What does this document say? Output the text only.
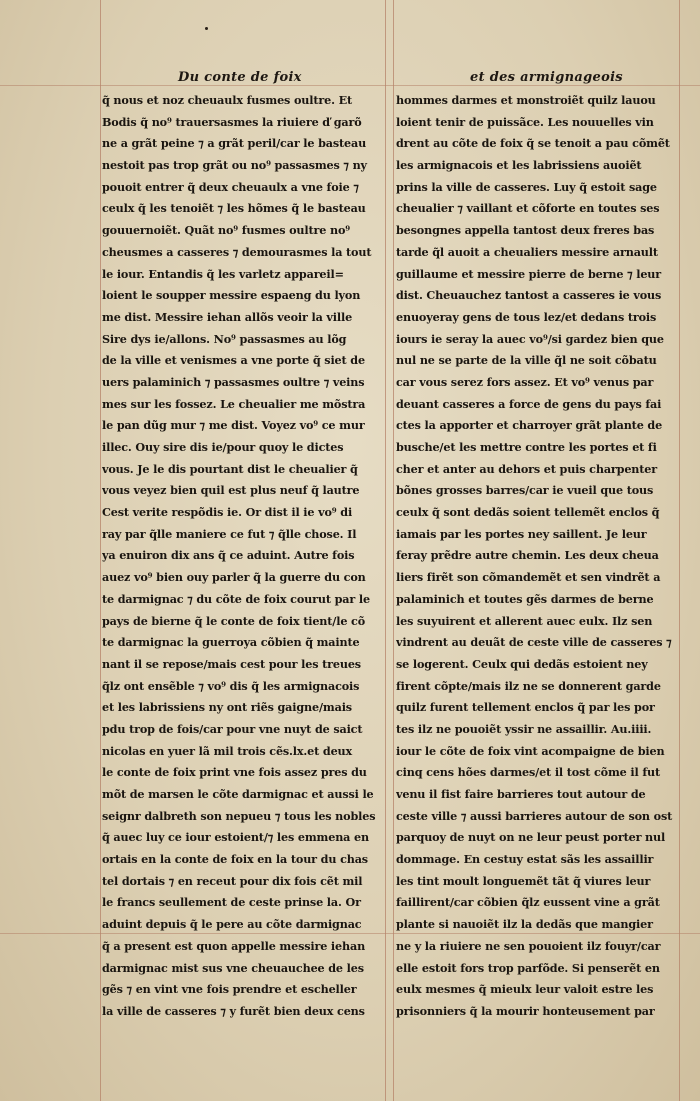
Du conte de foix	et des armignageois
q̃ nous et noz cheuaulx fusmes oultre. Et
Bodis q̃ no⁹ trauersasmes la riuiere ď garõ
ne a grãt peine ⁊ a grãt peril/car le basteau
nestoit pas trop grãt ou no⁹ passasmes ⁊ ny
pouoit entrer q̃ deux cheuaulx a vne foie ⁊
ceulx q̃ les tenoiẽt ⁊ les hõmes q̃ le basteau
gouuernoiẽt. Quãt no⁹ fusmes oultre no⁹
cheusmes a casseres ⁊ demourasmes la tout
le iour. Entandis q̃ les varletz appareil=
loient le soupper messire espaeng du lyon
me dist. Messire iehan allõs veoir la ville
Sire dys ie/allons. No⁹ passasmes au lõg
de la ville et venismes a vne porte q̃ siet de
uers palaminich ⁊ passasmes oultre ⁊ veins
mes sur les fossez. Le cheualier me mõstra
le pan dũg mur ⁊ me dist. Voyez vo⁹ ce mur
illec. Ouy sire dis ie/pour quoy le dictes
vous. Je le dis pourtant dist le cheualier q̃
vous veyez bien quil est plus neuf q̃ lautre
Cest verite respõdis ie. Or dist il ie vo⁹ di
ray par q̃lle maniere ce fut ⁊ q̃lle chose. Il
ya enuiron dix ans q̃ ce aduint. Autre fois
auez vo⁹ bien ouy parler q̃ la guerre du con
te darmignac ⁊ du cõte de foix courut par le
pays de bierne q̃ le conte de foix tient/le cõ
te darmignac la guerroya cõbien q̃ mainte
nant il se repose/mais cest pour les treues
q̃lz ont ensẽble ⁊ vo⁹ dis q̃ les armignacois
et les labrissiens ny ont riẽs gaigne/mais
pdu trop de fois/car pour vne nuyt de saict
nicolas en yuer lã mil trois cẽs.lx.et deux
le conte de foix print vne fois assez pres du
mõt de marsen le cõte darmignac et aussi le
seignr dalbreth son nepueu ⁊ tous les nobles
q̃ auec luy ce iour estoient/⁊ les emmena en
ortais en la conte de foix en la tour du chas
tel dortais ⁊ en receut pour dix fois cẽt mil
le francs seullement de ceste prinse la. Or
aduint depuis q̃ le pere au cõte darmignac
q̃ a present est quon appelle messire iehan
darmignac mist sus vne cheuauchee de les
gẽs ⁊ en vint vne fois prendre et escheller
la ville de casseres ⁊ y furẽt bien deux cens
hommes darmes et monstroiẽt quilz lauou
loient tenir de puissãce. Les nouuelles vin
drent au cõte de foix q̃ se tenoit a pau cõmẽt
les armignacois et les labrissiens auoiẽt
prins la ville de casseres. Luy q̃ estoit sage
cheualier ⁊ vaillant et cõforte en toutes ses
besongnes appella tantost deux freres bas
tarde q̃l auoit a cheualiers messire arnault
guillaume et messire pierre de berne ⁊ leur
dist. Cheuauchez tantost a casseres ie vous
enuoyeray gens de tous lez/et dedans trois
iours ie seray la auec vo⁹/si gardez bien que
nul ne se parte de la ville q̃l ne soit cõbatu
car vous serez fors assez. Et vo⁹ venus par
deuant casseres a force de gens du pays fai
ctes la apporter et charroyer grãt plante de
busche/et les mettre contre les portes et fi
cher et anter au dehors et puis charpenter
bõnes grosses barres/car ie vueil que tous
ceulx q̃ sont dedãs soient tellemẽt enclos q̃
iamais par les portes ney saillent. Je leur
feray prẽdre autre chemin. Les deux cheua
liers firẽt son cõmandemẽt et sen vindrẽt a
palaminich et toutes gẽs darmes de berne
les suyuirent et allerent auec eulx. Ilz sen
vindrent au deuãt de ceste ville de casseres ⁊
se logerent. Ceulx qui dedãs estoient ney
firent cõpte/mais ilz ne se donnerent garde
quilz furent tellement enclos q̃ par les por
tes ilz ne pouoiẽt yssir ne assaillir. Au.iiii.
iour le cõte de foix vint acompaigne de bien
cinq cens hões darmes/et il tost cõme il fut
venu il fist faire barrieres tout autour de
ceste ville ⁊ aussi barrieres autour de son ost
parquoy de nuyt on ne leur peust porter nul
dommage. En cestuy estat sãs les assaillir
les tint moult longuemẽt tãt q̃ viures leur
faillirent/car cõbien q̃lz eussent vine a grãt
plante si nauoiẽt ilz la dedãs que mangier
ne y la riuiere ne sen pouoient ilz fouyr/car
elle estoit fors trop parfõde. Si penserẽt en
eulx mesmes q̃ mieulx leur valoit estre les
prisonniers q̃ la mourir honteusement par
